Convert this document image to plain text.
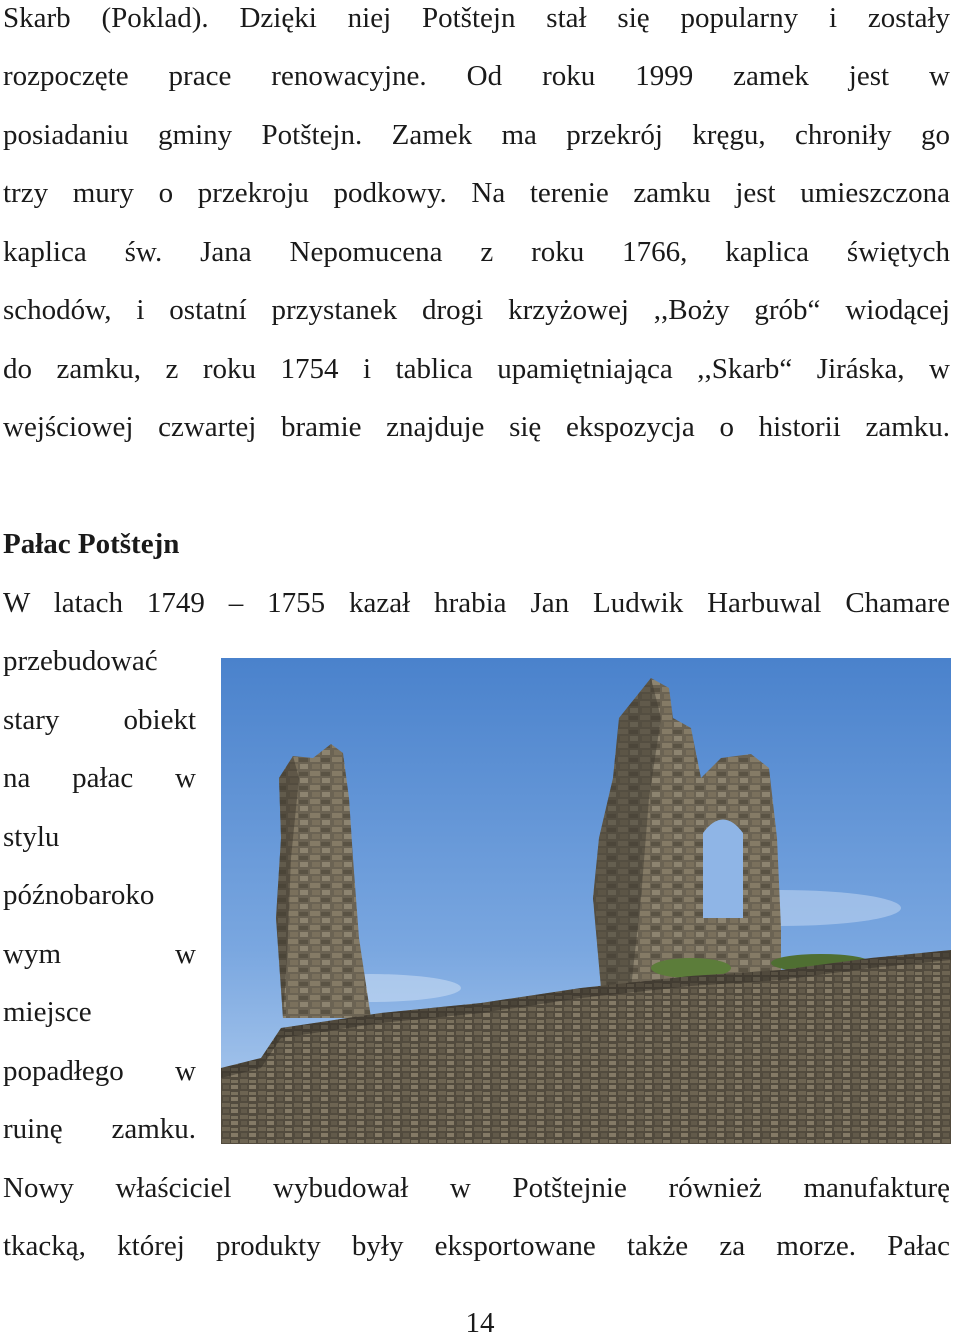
Skarb (Poklad). Dzięki niej Potštejn stał się popularny i zostały
rozpoczęte prace renowacyjne. Od roku 1999 zamek jest w
posiadaniu gminy Potštejn. Zamek ma przekrój kręgu, chroniły go
trzy mury o przekroju podkowy. Na terenie zamku jest umieszczona
kaplica św. Jana Nepomucena z roku 1766, kaplica świętych
schodów, i ostatní przystanek drogi krzyżowej ,,Boży grób“ wiodącej
do zamku, z roku 1754 i tablica upamiętniająca ,,Skarb“ Jiráska, w
wejściowej czwartej bramie znajduje się ekspozycja o historii zamku.
Pałac Potštejn
W latach 1749 – 1755 kazał hrabia Jan Ludwik Harbuwal Chamare
przebudować
stary obiekt
na pałac w
stylu
późnobaroko
wym w
miejsce
popadłego w
ruinę zamku.
Nowy właściciel wybudował w Potštejnie również manufakturę
tkacką, której produkty były eksportowane także za morze. Pałac
14
